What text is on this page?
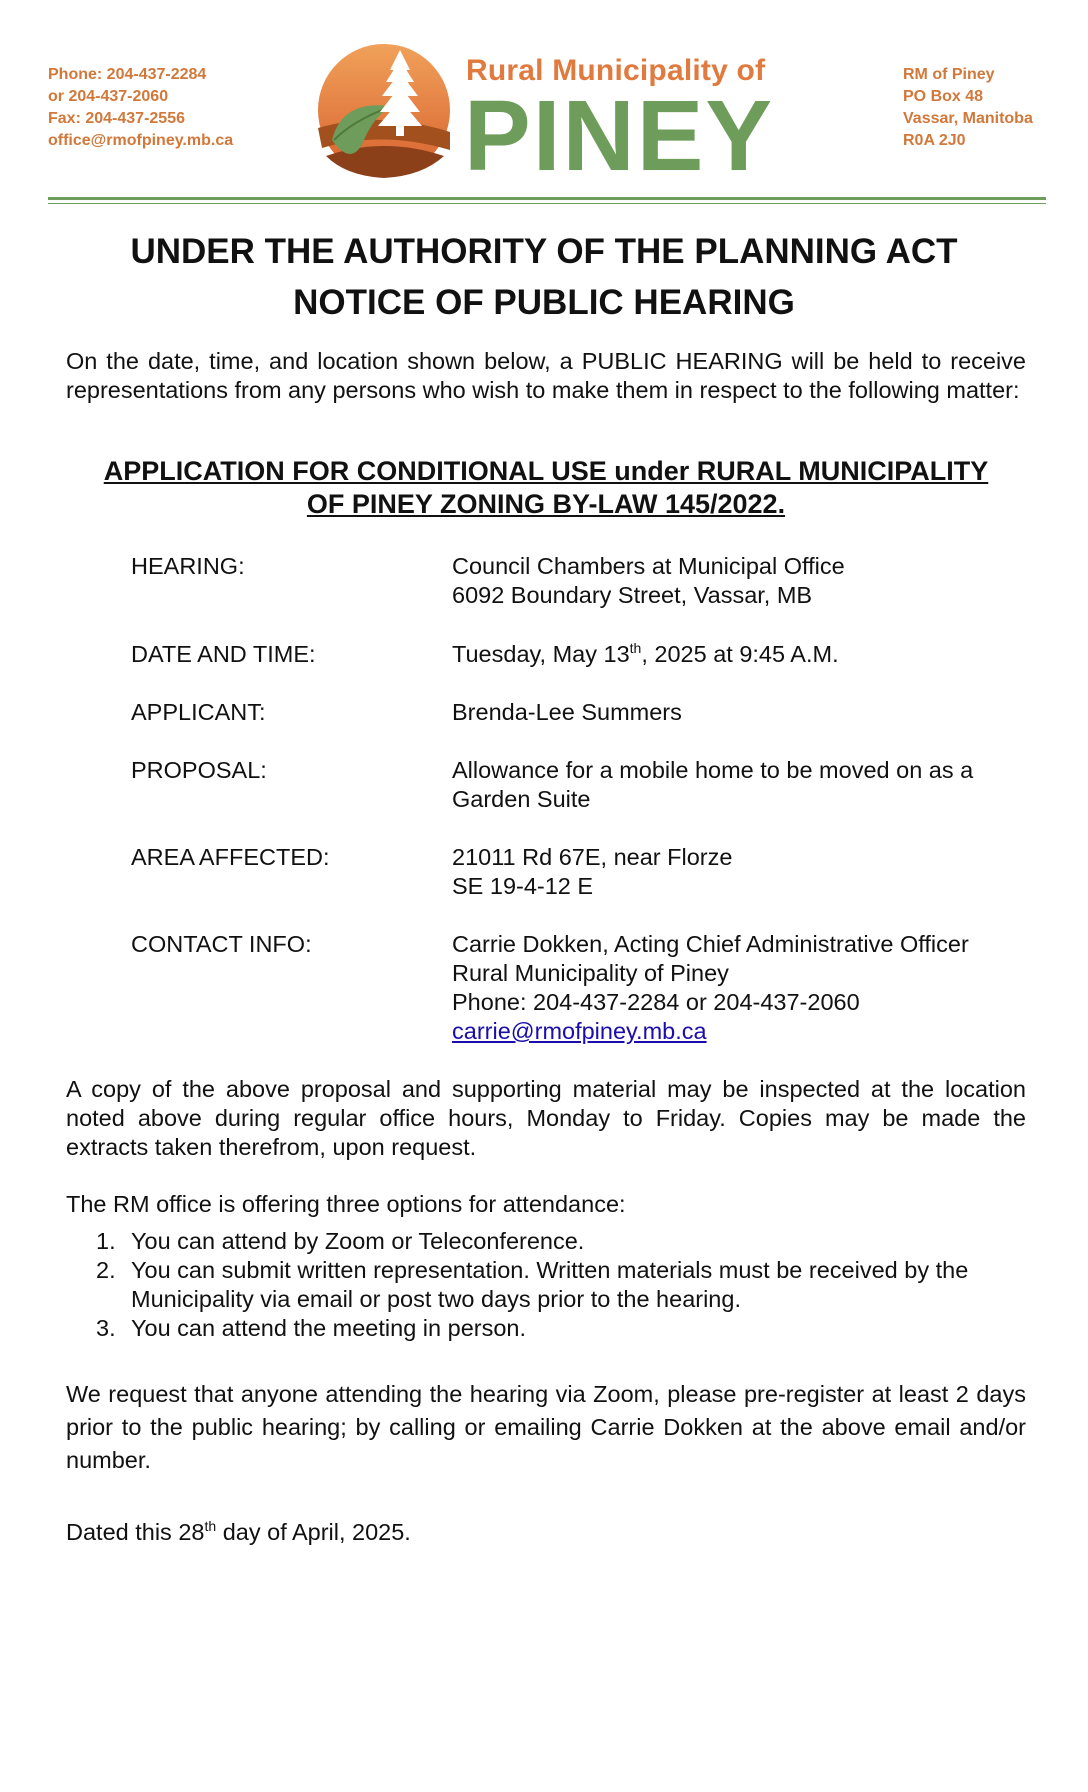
Phone: 204-437-2284
or 204-437-2060
Fax: 204-437-2556
office@rmofpiney.mb.ca
Rural Municipality of
PINEY
RM of Piney
PO Box 48
Vassar, Manitoba
R0A 2J0
UNDER THE AUTHORITY OF THE PLANNING ACT
NOTICE OF PUBLIC HEARING
On the date, time, and location shown below, a PUBLIC HEARING will be held to receive representations from any persons who wish to make them in respect to the following matter:
APPLICATION FOR CONDITIONAL USE under RURAL MUNICIPALITY
OF PINEY ZONING BY-LAW 145/2022.
HEARING:	Council Chambers at Municipal Office
6092 Boundary Street, Vassar, MB
DATE AND TIME:	Tuesday, May 13th, 2025 at 9:45 A.M.
APPLICANT:	Brenda-Lee Summers
PROPOSAL:	Allowance for a mobile home to be moved on as a
Garden Suite
AREA AFFECTED:	21011 Rd 67E, near Florze
SE 19-4-12 E
CONTACT INFO:	Carrie Dokken, Acting Chief Administrative Officer
Rural Municipality of Piney
Phone: 204-437-2284 or 204-437-2060
carrie@rmofpiney.mb.ca
A copy of the above proposal and supporting material may be inspected at the location noted above during regular office hours, Monday to Friday. Copies may be made the extracts taken therefrom, upon request.
The RM office is offering three options for attendance:
1. You can attend by Zoom or Teleconference.
2. You can submit written representation. Written materials must be received by the Municipality via email or post two days prior to the hearing.
3. You can attend the meeting in person.
We request that anyone attending the hearing via Zoom, please pre-register at least 2 days prior to the public hearing; by calling or emailing Carrie Dokken at the above email and/or number.
Dated this 28th day of April, 2025.
